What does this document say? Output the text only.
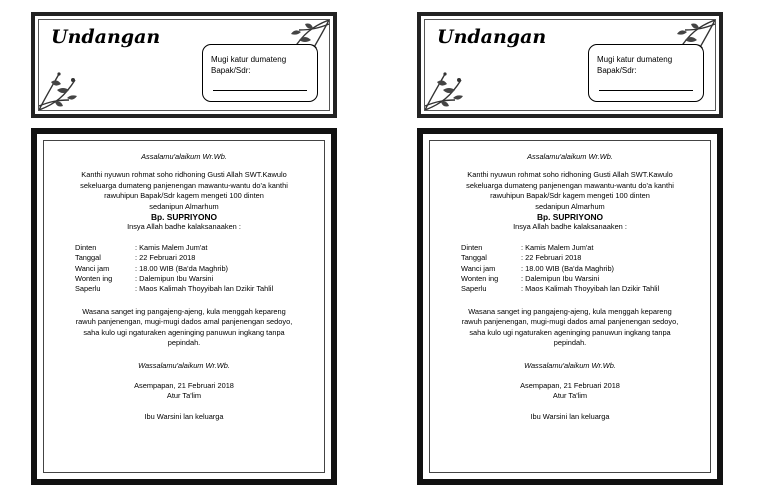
Undangan
Mugi katur dumateng
Bapak/Sdr:
Assalamu'alaikum Wr.Wb.
Kanthi nyuwun rohmat soho ridhoning Gusti Allah SWT.Kawulo
sekeluarga dumateng panjenengan mawantu-wantu do'a kanthi
rawuhipun Bapak/Sdr kagem mengeti 100 dinten
sedanipun Almarhum
Bp. SUPRIYONO
Insya Allah badhe kalaksanaaken :
Dinten	: Kamis Malem Jum'at
Tanggal	: 22 Februari 2018
Wanci jam	: 18.00 WIB (Ba'da Maghrib)
Wonten ing	: Dalemipun Ibu Warsini
Saperlu	: Maos Kalimah Thoyyibah lan Dzikir Tahlil
Wasana sanget ing pangajeng-ajeng, kula menggah kepareng
rawuh panjenengan, mugi-mugi dados amal panjenengan sedoyo,
saha kulo ugi ngaturaken ageninging panuwun ingkang tanpa
pepindah.
Wassalamu'alaikum Wr.Wb.
Asempapan, 21 Februari 2018
Atur Ta'lim
Ibu Warsini lan keluarga
Undangan
Mugi katur dumateng
Bapak/Sdr:
Assalamu'alaikum Wr.Wb.
Kanthi nyuwun rohmat soho ridhoning Gusti Allah SWT.Kawulo
sekeluarga dumateng panjenengan mawantu-wantu do'a kanthi
rawuhipun Bapak/Sdr kagem mengeti 100 dinten
sedanipun Almarhum
Bp. SUPRIYONO
Insya Allah badhe kalaksanaaken :
Dinten	: Kamis Malem Jum'at
Tanggal	: 22 Februari 2018
Wanci jam	: 18.00 WIB (Ba'da Maghrib)
Wonten ing	: Dalemipun Ibu Warsini
Saperlu	: Maos Kalimah Thoyyibah lan Dzikir Tahlil
Wasana sanget ing pangajeng-ajeng, kula menggah kepareng
rawuh panjenengan, mugi-mugi dados amal panjenengan sedoyo,
saha kulo ugi ngaturaken ageninging panuwun ingkang tanpa
pepindah.
Wassalamu'alaikum Wr.Wb.
Asempapan, 21 Februari 2018
Atur Ta'lim
Ibu Warsini lan keluarga
